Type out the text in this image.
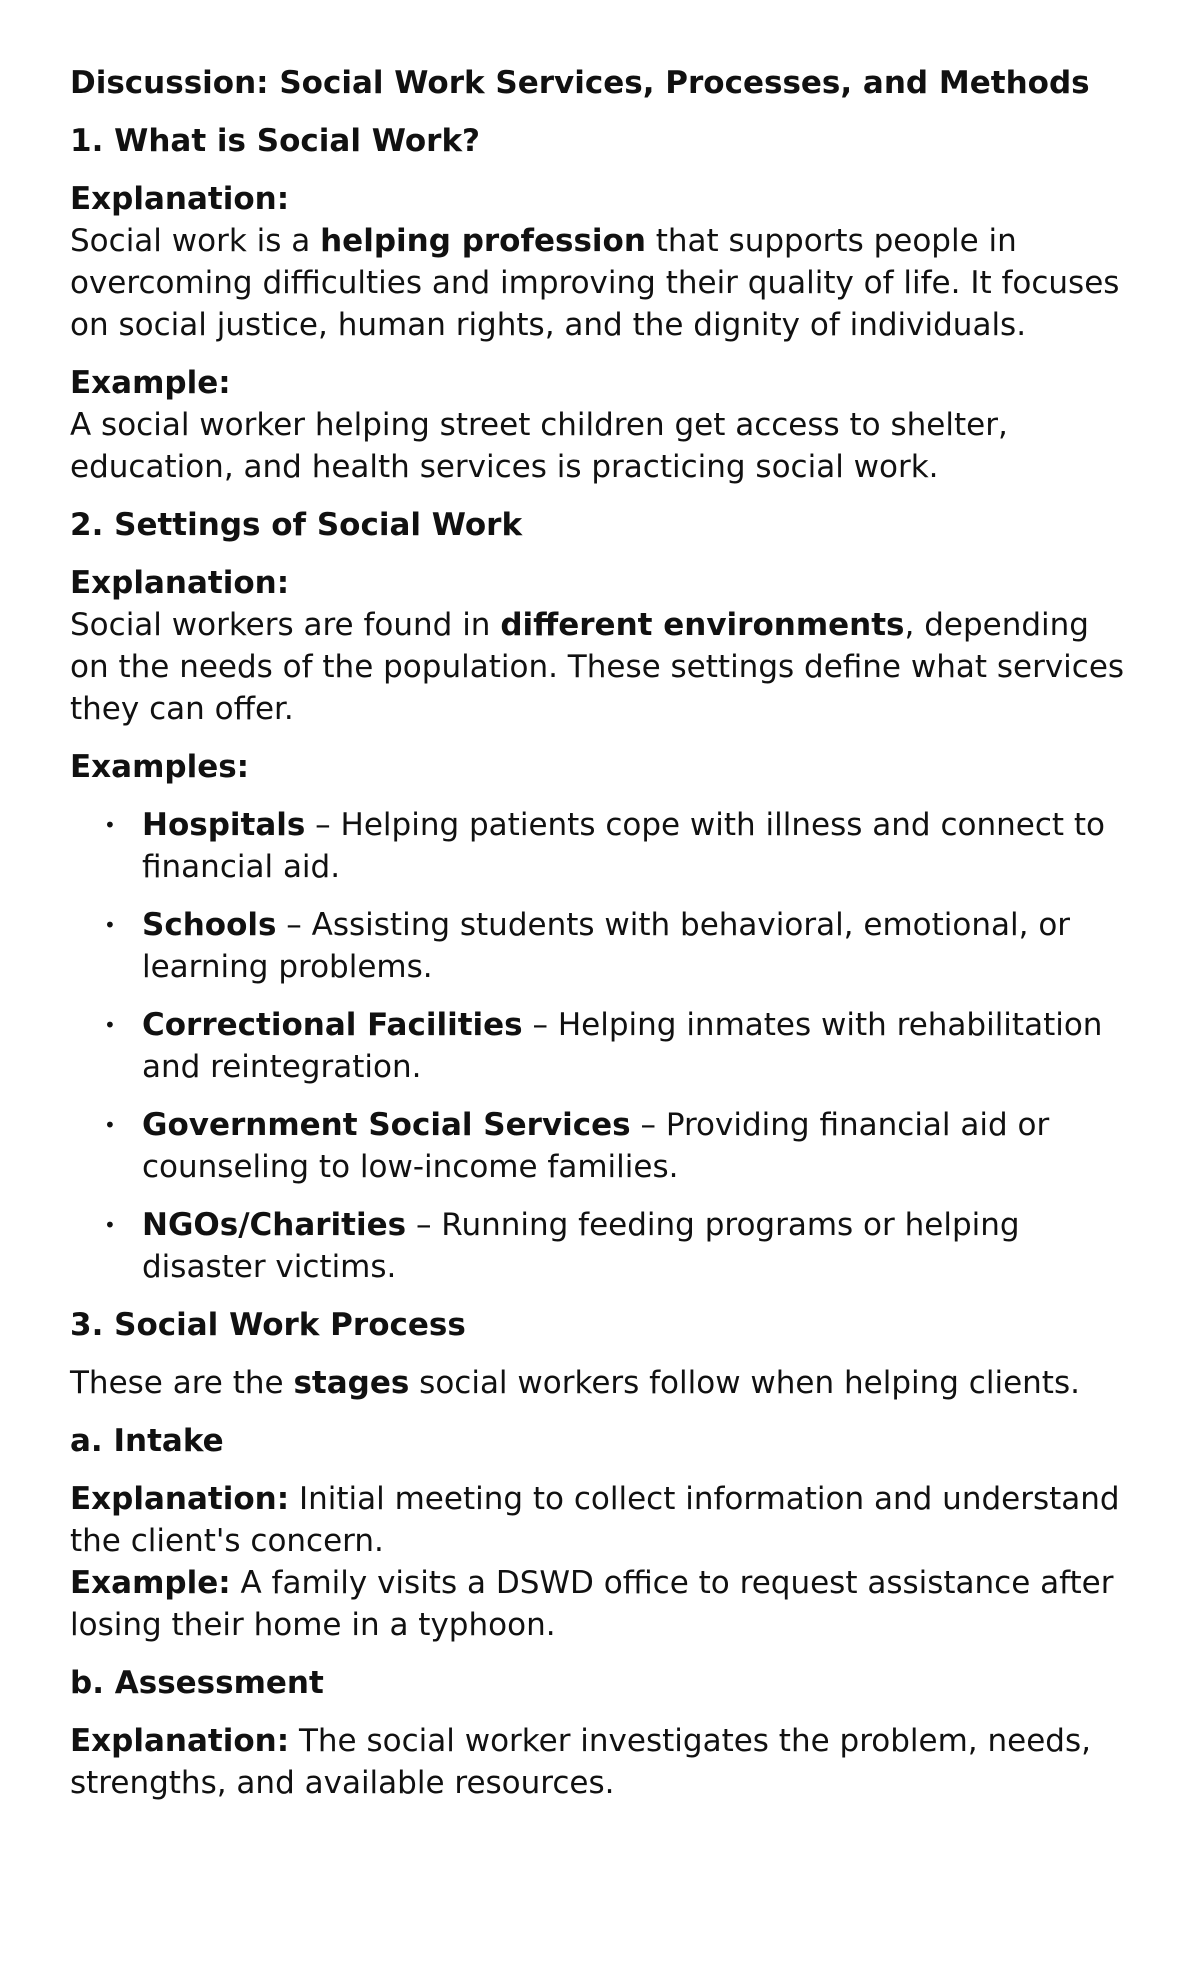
Discussion: Social Work Services, Processes, and Methods

1. What is Social Work?

Explanation:
Social work is a helping profession that supports people in overcoming difficulties and improving their quality of life. It focuses on social justice, human rights, and the dignity of individuals.
Example:
A social worker helping street children get access to shelter, education, and health services is practicing social work.

2. Settings of Social Work

Explanation:
Social workers are found in different environments, depending on the needs of the population. These settings define what services they can offer.

Examples:

• Hospitals – Helping patients cope with illness and connect to financial aid.
• Schools – Assisting students with behavioral, emotional, or learning problems.
• Correctional Facilities – Helping inmates with rehabilitation and reintegration.
• Government Social Services – Providing financial aid or counseling to low-income families.
• NGOs/Charities – Running feeding programs or helping disaster victims.

3. Social Work Process

These are the stages social workers follow when helping clients.

a. Intake

Explanation: Initial meeting to collect information and understand the client's concern.
Example: A family visits a DSWD office to request assistance after losing their home in a typhoon.

b. Assessment

Explanation: The social worker investigates the problem, needs, strengths, and available resources.
